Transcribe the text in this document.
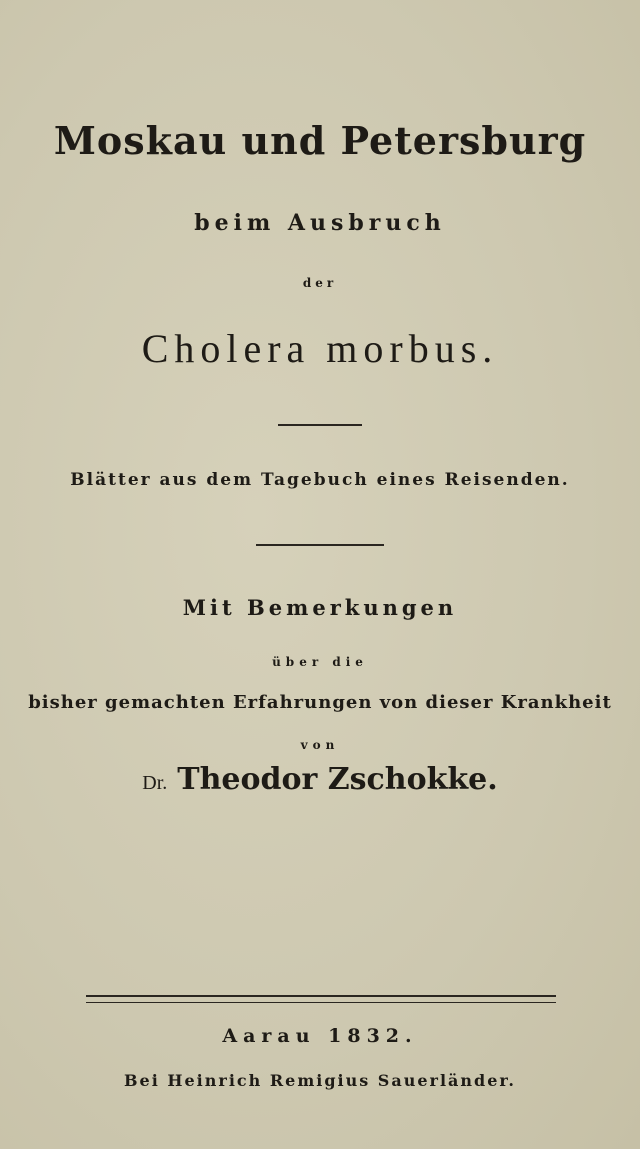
Moskau und Petersburg
beim Ausbruch
der
Cholera morbus.
Blätter aus dem Tagebuch eines Reisenden.
Mit Bemerkungen
über die
bisher gemachten Erfahrungen von dieser Krankheit
von
Dr. Theodor Zschokke.
Aarau 1832.
Bei Heinrich Remigius Sauerländer.
